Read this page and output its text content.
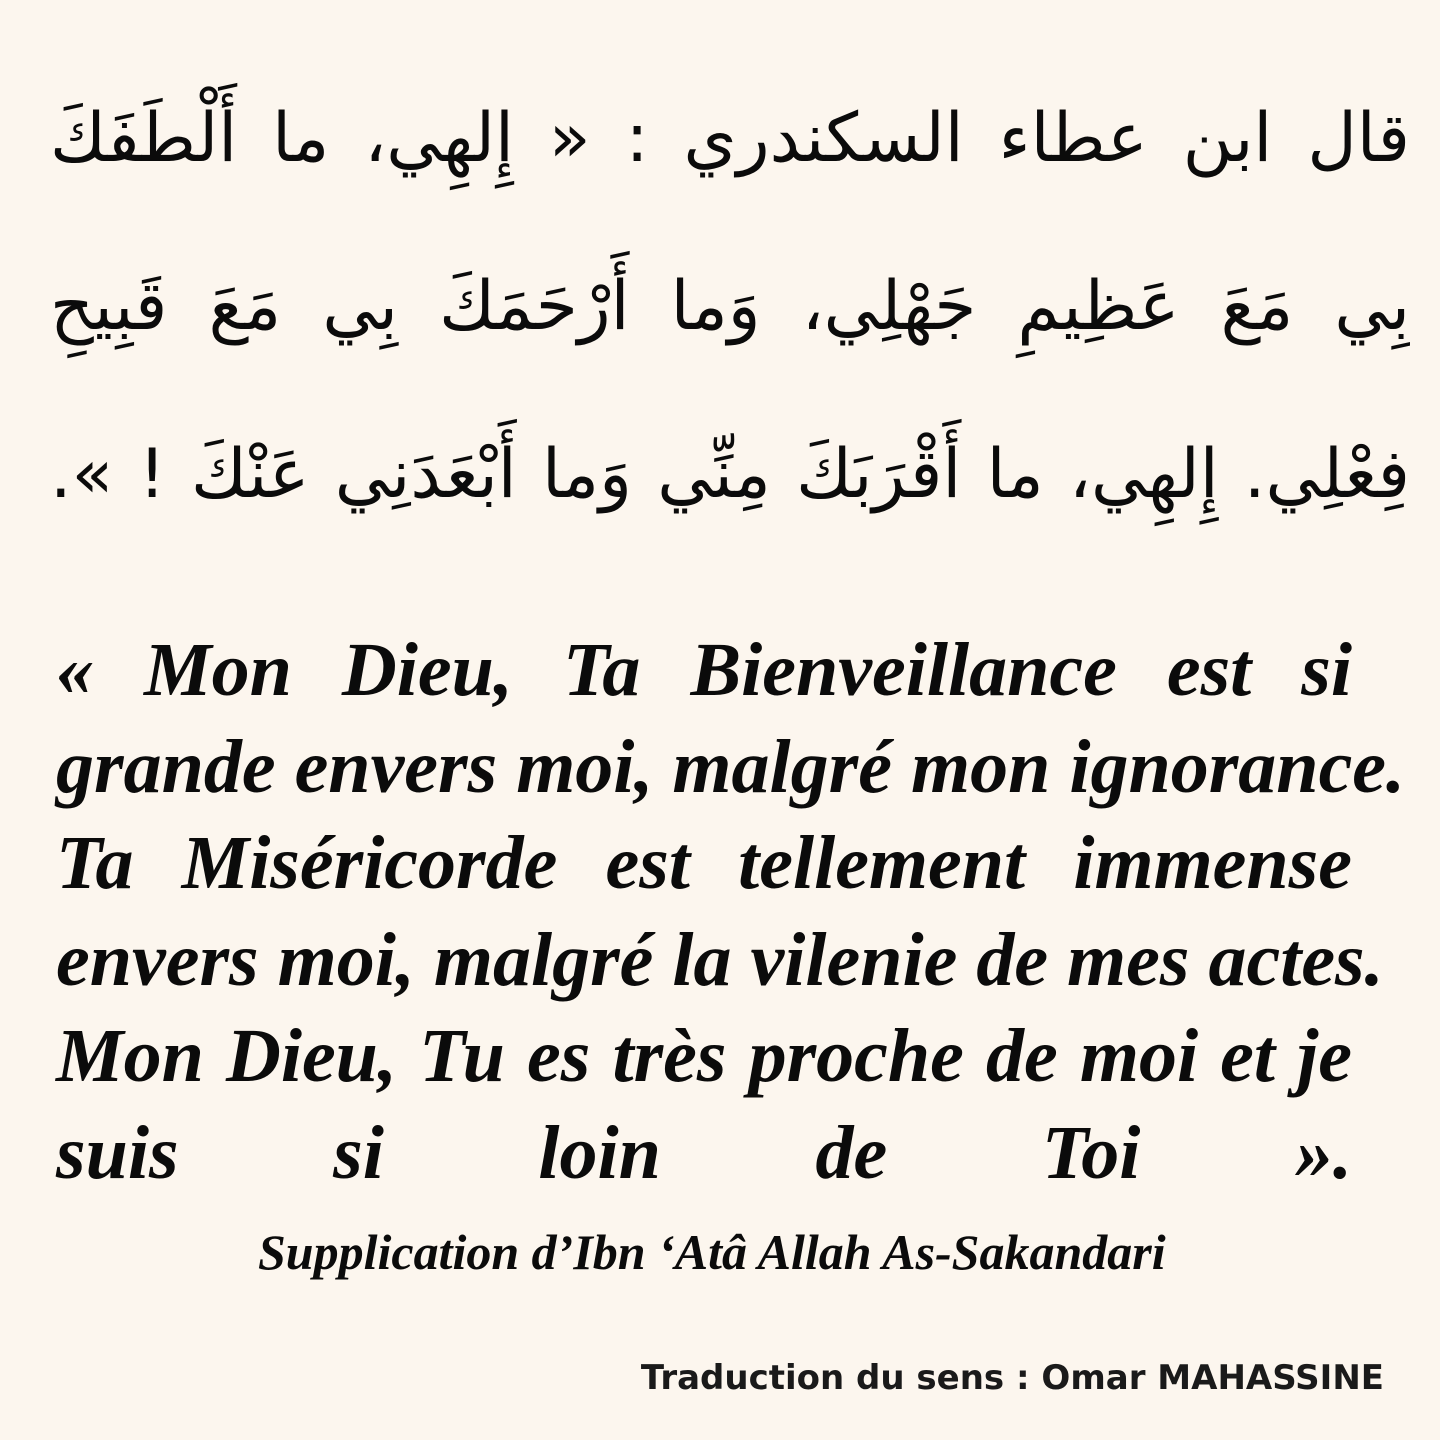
قال ابن عطاء السكندري : « إِلهِي، ما أَلْطَفَكَ
بِي مَعَ عَظِيمِ جَهْلِي، وَما أَرْحَمَكَ بِي مَعَ قَبِيحِ
فِعْلِي. إِلهِي، ما أَقْرَبَكَ مِنِّي وَما أَبْعَدَنِي عَنْكَ ! ».
« Mon Dieu, Ta Bienveillance est si
grande envers moi, malgré mon ignorance.
Ta Miséricorde est tellement immense
envers moi, malgré la vilenie de mes actes.
Mon Dieu, Tu es très proche de moi et je
suis si loin de Toi ».
Supplication d’Ibn ‘Atâ Allah As-Sakandari
Traduction du sens : Omar MAHASSINE
